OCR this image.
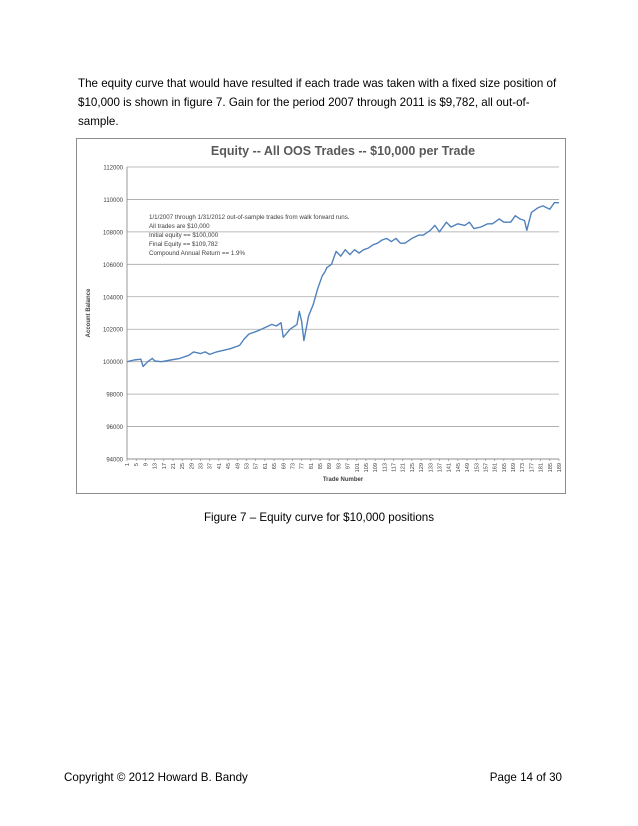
The equity curve that would have resulted if each trade was taken with a fixed size position of $10,000 is shown in figure 7. Gain for the period 2007 through 2011 is $9,782, all out-of-sample.

Equity -- All OOS Trades -- $10,000 per Trade
94000
96000
98000
100000
102000
104000
106000
108000
110000
112000
1 5 9 13 17 21 25 29 33 37 41 45 49 53 57 61 65 69 73 77 81 85 89 93 97 101 105 109 113 117 121 125 129 133 137 141 145 149 153 157 161 165 169 173 177 181 185 189
Trade Number
Account Balance
1/1/2007 through 1/31/2012 out-of-sample trades from walk forward runs.
All trades are $10,000
Initial equity == $100,000
Final Equity == $109,782
Compound Annual Return == 1.9%
Figure 7 – Equity curve for $10,000 positions
Copyright © 2012 Howard B. Bandy	Page 14 of 30
